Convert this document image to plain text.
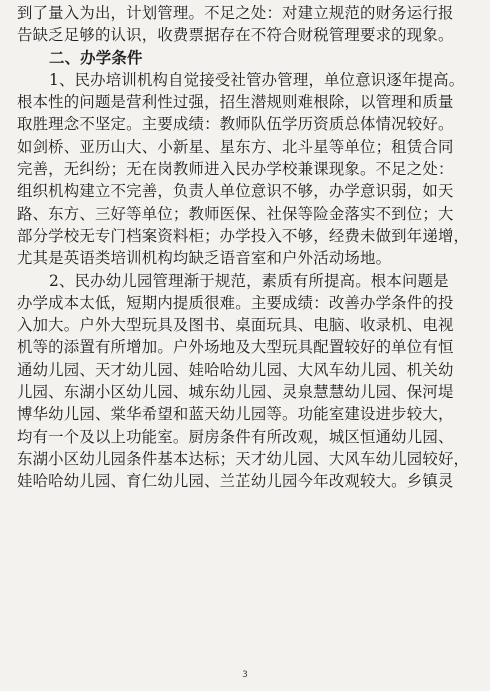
到了量入为出，计划管理。不足之处：对建立规范的财务运行报
告缺乏足够的认识，收费票据存在不符合财税管理要求的现象。
二、办学条件
1、民办培训机构自觉接受社管办管理，单位意识逐年提高。
根本性的问题是营利性过强，招生潜规则难根除，以管理和质量
取胜理念不坚定。主要成绩：教师队伍学历资质总体情况较好。
如剑桥、亚历山大、小新星、星东方、北斗星等单位；租赁合同
完善，无纠纷；无在岗教师进入民办学校兼课现象。不足之处：
组织机构建立不完善，负责人单位意识不够，办学意识弱，如天
路、东方、三好等单位；教师医保、社保等险金落实不到位；大
部分学校无专门档案资料柜；办学投入不够，经费未做到年递增，
尤其是英语类培训机构均缺乏语音室和户外活动场地。
2、民办幼儿园管理渐于规范，素质有所提高。根本问题是
办学成本太低，短期内提质很难。主要成绩：改善办学条件的投
入加大。户外大型玩具及图书、桌面玩具、电脑、收录机、电视
机等的添置有所增加。户外场地及大型玩具配置较好的单位有恒
通幼儿园、天才幼儿园、娃哈哈幼儿园、大风车幼儿园、机关幼
儿园、东湖小区幼儿园、城东幼儿园、灵泉慧慧幼儿园、保河堤
博华幼儿园、棠华希望和蓝天幼儿园等。功能室建设进步较大，
均有一个及以上功能室。厨房条件有所改观，城区恒通幼儿园、
东湖小区幼儿园条件基本达标；天才幼儿园、大风车幼儿园较好，
娃哈哈幼儿园、育仁幼儿园、兰芷幼儿园今年改观较大。乡镇灵
3
